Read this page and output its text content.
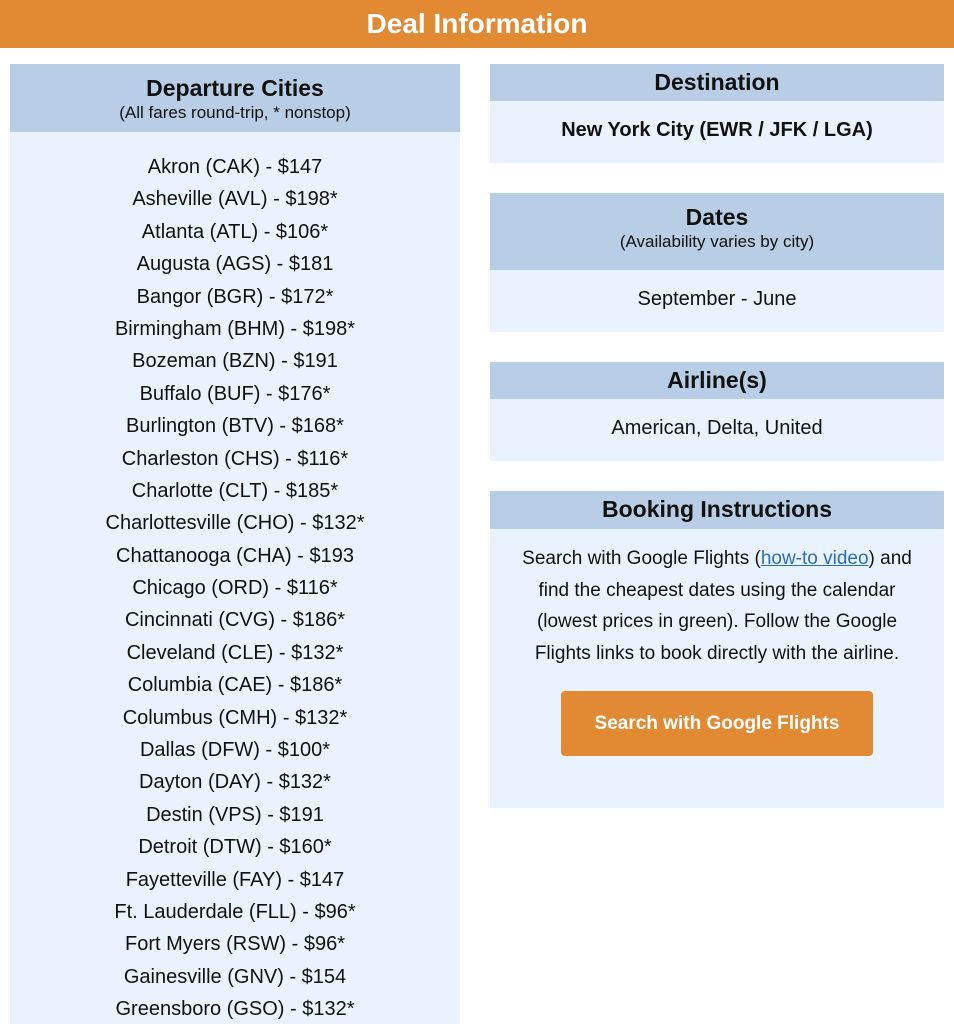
Deal Information
Departure Cities
(All fares round-trip, * nonstop)
Akron (CAK) - $147
Asheville (AVL) - $198*
Atlanta (ATL) - $106*
Augusta (AGS) - $181
Bangor (BGR) - $172*
Birmingham (BHM) - $198*
Bozeman (BZN) - $191
Buffalo (BUF) - $176*
Burlington (BTV) - $168*
Charleston (CHS) - $116*
Charlotte (CLT) - $185*
Charlottesville (CHO) - $132*
Chattanooga (CHA) - $193
Chicago (ORD) - $116*
Cincinnati (CVG) - $186*
Cleveland (CLE) - $132*
Columbia (CAE) - $186*
Columbus (CMH) - $132*
Dallas (DFW) - $100*
Dayton (DAY) - $132*
Destin (VPS) - $191
Detroit (DTW) - $160*
Fayetteville (FAY) - $147
Ft. Lauderdale (FLL) - $96*
Fort Myers (RSW) - $96*
Gainesville (GNV) - $154
Greensboro (GSO) - $132*
Destination
New York City (EWR / JFK / LGA)
Dates
(Availability varies by city)
September - June
Airline(s)
American, Delta, United
Booking Instructions

Search with Google Flights (how-to video) and find the cheapest dates using the calendar (lowest prices in green). Follow the Google Flights links to book directly with the airline.

Search with Google Flights
